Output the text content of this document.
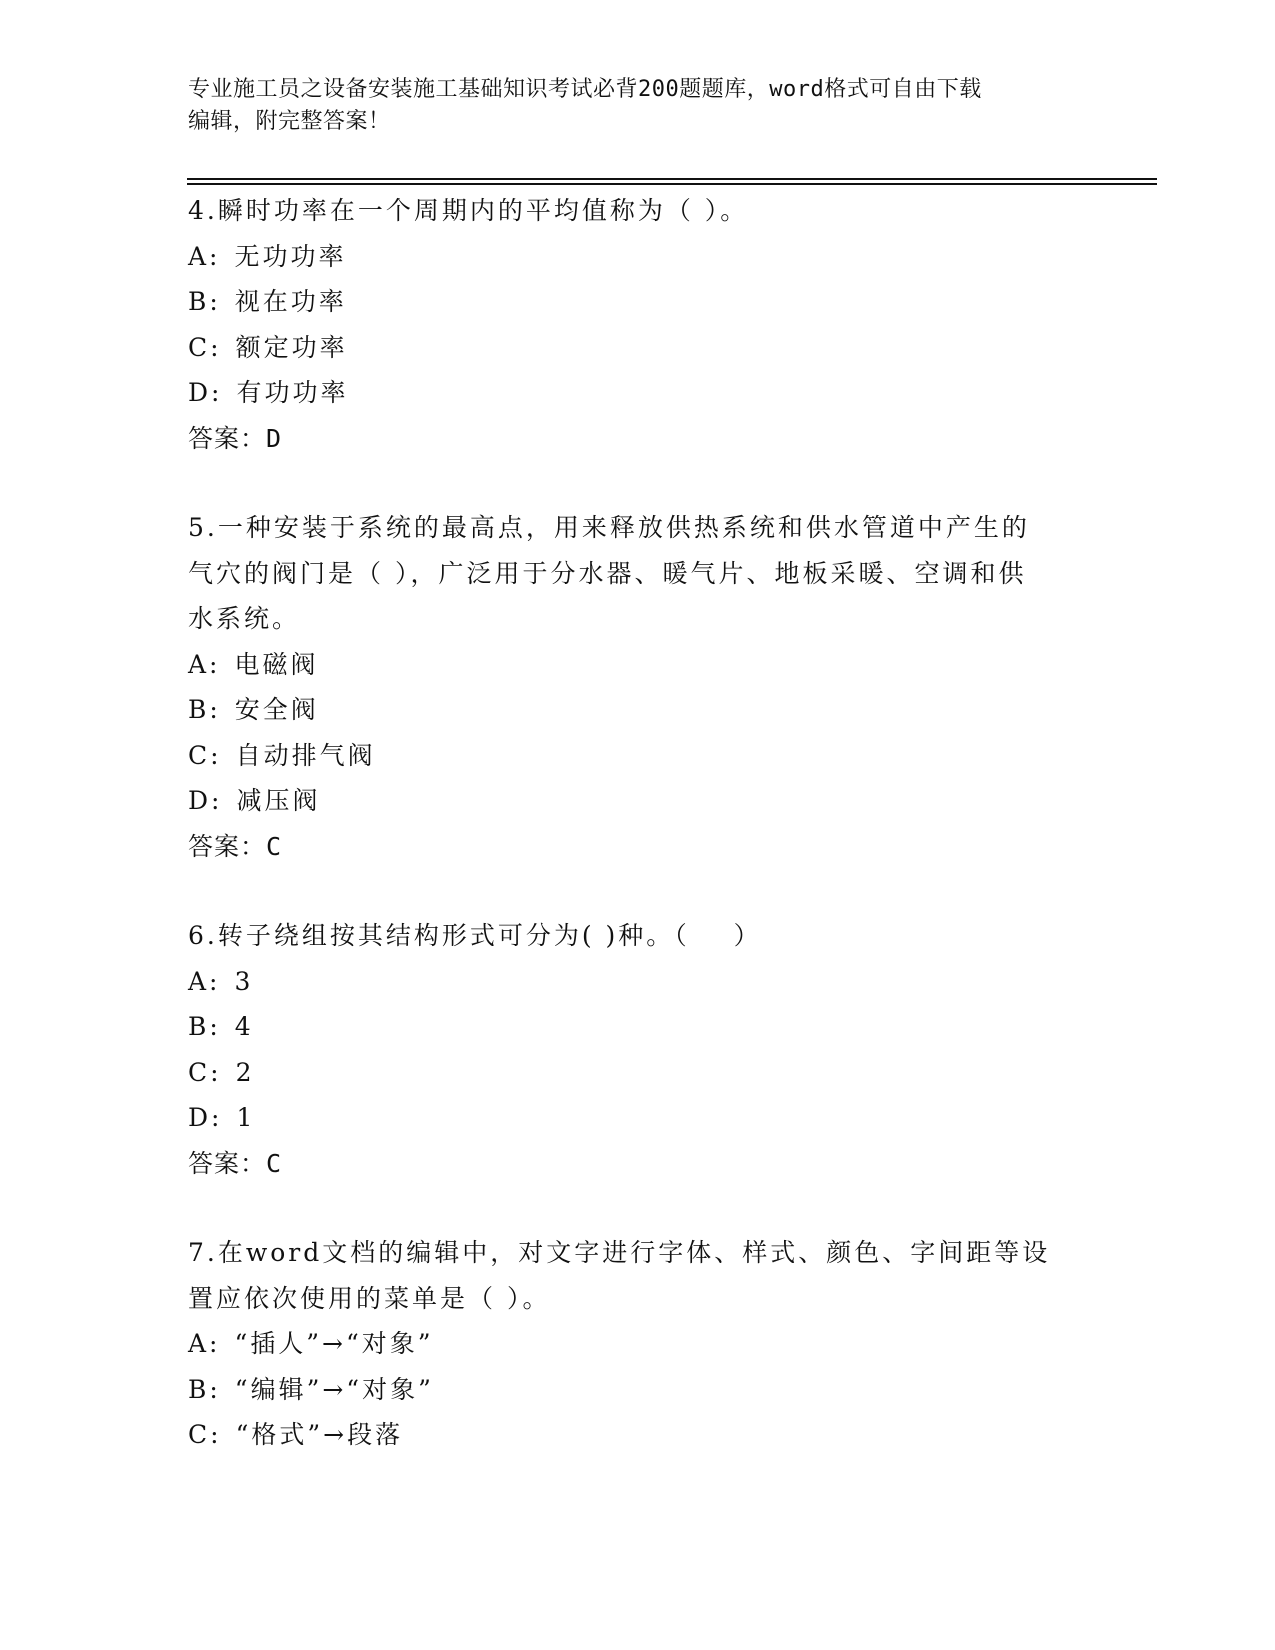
专业施工员之设备安装施工基础知识考试必背200题题库，word格式可自由下载
编辑，附完整答案！
4.瞬时功率在一个周期内的平均值称为（ ）。
A: 无功功率
B: 视在功率
C: 额定功率
D: 有功功率
答案：D
5.一种安装于系统的最高点，用来释放供热系统和供水管道中产生的
气穴的阀门是（ ），广泛用于分水器、暖气片、地板采暖、空调和供
水系统。
A: 电磁阀
B: 安全阀
C: 自动排气阀
D: 减压阀
答案：C
6.转子绕组按其结构形式可分为( )种。（    ）
A: 3
B: 4
C: 2
D: 1
答案：C
7.在word文档的编辑中，对文字进行字体、样式、颜色、字间距等设
置应依次使用的菜单是（ ）。
A: “插人”→“对象”
B: “编辑”→“对象”
C: “格式”→段落
